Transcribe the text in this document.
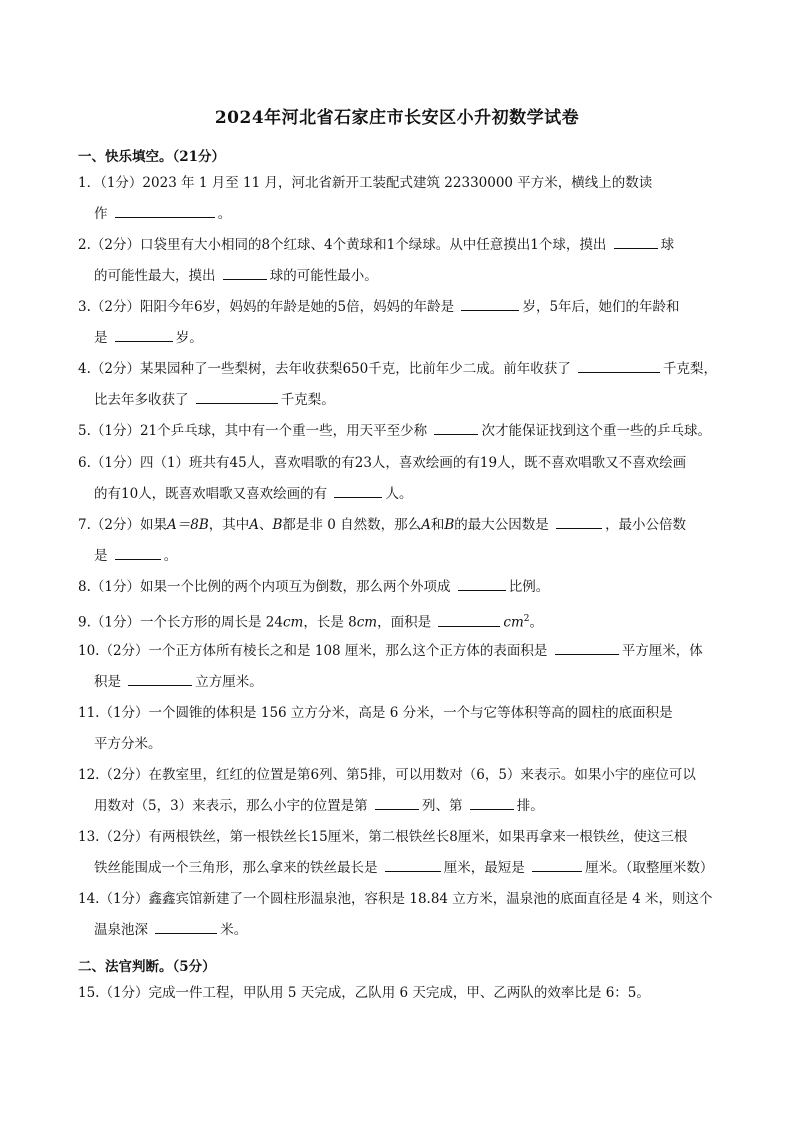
2024年河北省石家庄市长安区小升初数学试卷
一、快乐填空。（21分）
1．（1分）2023 年 1 月至 11 月，河北省新开工装配式建筑 22330000 平方米，横线上的数读
作	。
2.（2分）口袋里有大小相同的8个红球、4个黄球和1个绿球。从中任意摸出1个球，摸出	球
的可能性最大，摸出	球的可能性最小。
3.（2分）阳阳今年6岁，妈妈的年龄是她的5倍，妈妈的年龄是	岁，5年后，她们的年龄和
是	岁。
4.（2分）某果园种了一些梨树，去年收获梨650千克，比前年少二成。前年收获了	千克梨，
比去年多收获了	千克梨。
5.（1分）21个乒乓球，其中有一个重一些，用天平至少称	次才能保证找到这个重一些的乒乓球。
6.（1分）四（1）班共有45人，喜欢唱歌的有23人，喜欢绘画的有19人，既不喜欢唱歌又不喜欢绘画
的有10人，既喜欢唱歌又喜欢绘画的有	人。
7.（2分）如果A＝8B，其中A、B都是非 0 自然数，那么A和B的最大公因数是	，最小公倍数
是	。
8.（1分）如果一个比例的两个内项互为倒数，那么两个外项成	比例。
9.（1分）一个长方形的周长是 24cm，长是 8cm，面积是	$cm^2$。
10.（2分）一个正方体所有棱长之和是 108 厘米，那么这个正方体的表面积是	平方厘米，体
积是	立方厘米。
11.（1分）一个圆锥的体积是 156 立方分米，高是 6 分米，一个与它等体积等高的圆柱的底面积是
平方分米。
12.（2分）在教室里，红红的位置是第6列、第5排，可以用数对（6，5）来表示。如果小宇的座位可以
用数对（5，3）来表示，那么小宇的位置是第	列、第	排。
13.（2分）有两根铁丝，第一根铁丝长15厘米，第二根铁丝长8厘米，如果再拿来一根铁丝，使这三根
铁丝能围成一个三角形，那么拿来的铁丝最长是	厘米，最短是	厘米。（取整厘米数）
14.（1分）鑫鑫宾馆新建了一个圆柱形温泉池，容积是 18.84 立方米，温泉池的底面直径是 4 米，则这个
温泉池深	米。
二、法官判断。（5分）
15.（1分）完成一件工程，甲队用 5 天完成，乙队用 6 天完成，甲、乙两队的效率比是 6：5。
